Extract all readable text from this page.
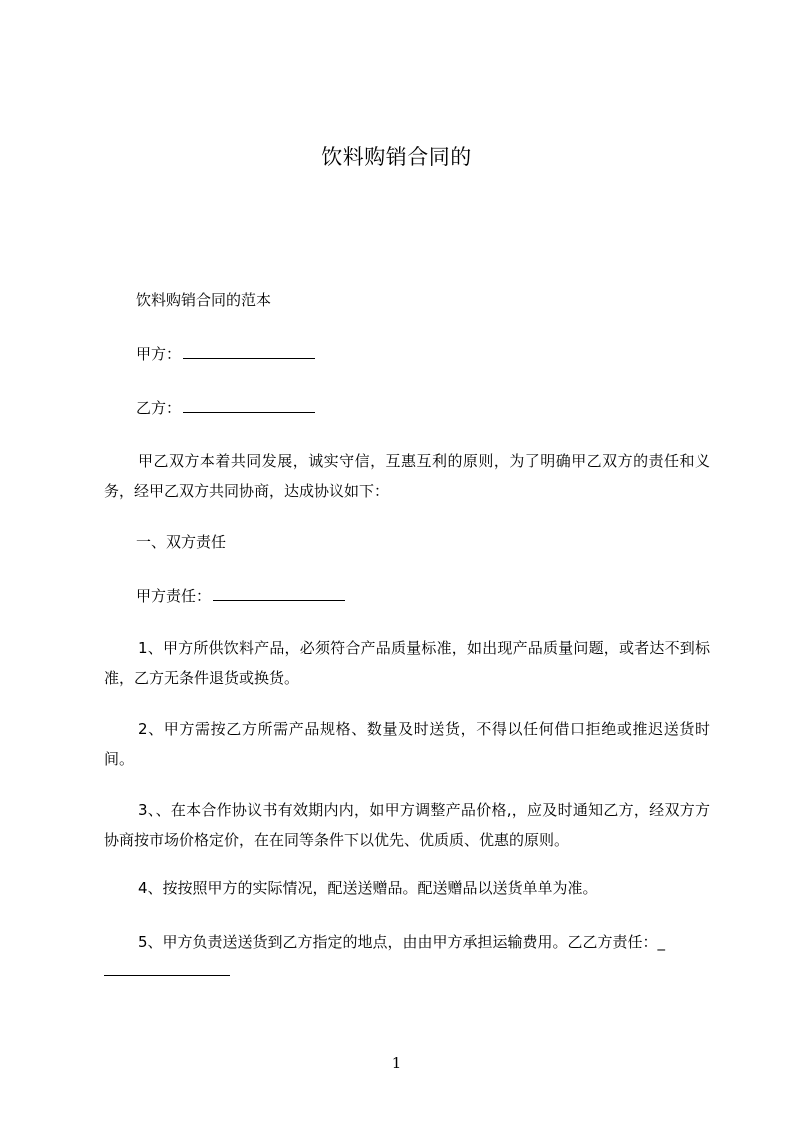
饮料购销合同的
饮料购销合同的范本
甲方：
乙方：
甲乙双方本着共同发展，诚实守信，互惠互利的原则，为了明确甲乙双方的责任和义务，经甲乙双方共同协商，达成协议如下：
一、双方责任
甲方责任：
1、甲方所供饮料产品，必须符合产品质量标准，如出现产品质量问题，或者达不到标准，乙方无条件退货或换货。
2、甲方需按乙方所需产品规格、数量及时送货，不得以任何借口拒绝或推迟送货时间。
3、、在本合作协议书有效期内内，如甲方调整产品价格,，应及时通知乙方，经双方方协商按市场价格定价，在在同等条件下以优先、优质质、优惠的原则。
4、按按照甲方的实际情况，配送送赠品。配送赠品以送货单单为准。
5、甲方负责送送货到乙方指定的地点，由由甲方承担运输费用。乙乙方责任：_
1
